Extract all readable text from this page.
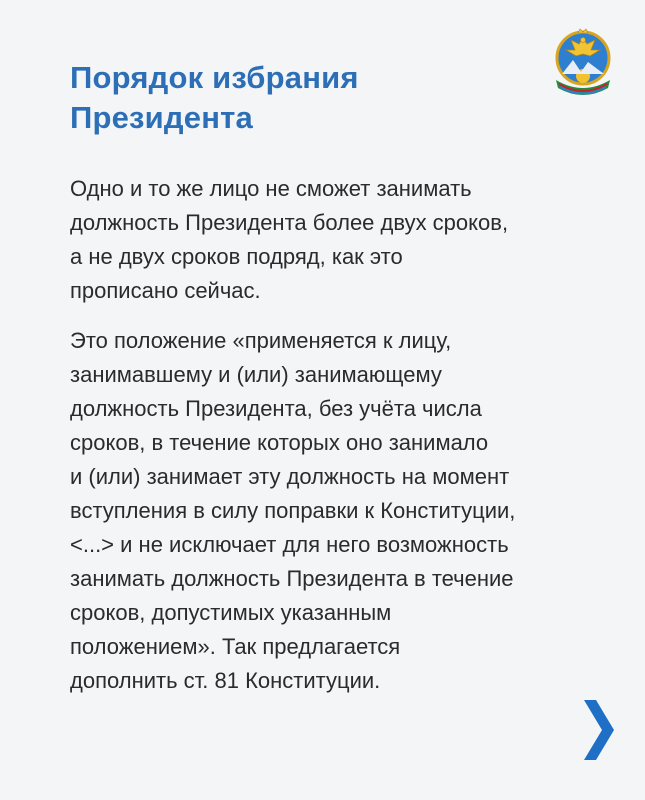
Порядок избрания
Президента

Одно и то же лицо не сможет занимать
должность Президента более двух сроков,
а не двух сроков подряд, как это
прописано сейчас.

Это положение «применяется к лицу,
занимавшему и (или) занимающему
должность Президента, без учёта числа
сроков, в течение которых оно занимало
и (или) занимает эту должность на момент
вступления в силу поправки к Конституции,
<...> и не исключает для него возможность
занимать должность Президента в течение
сроков, допустимых указанным
положением». Так предлагается
дополнить ст. 81 Конституции.
